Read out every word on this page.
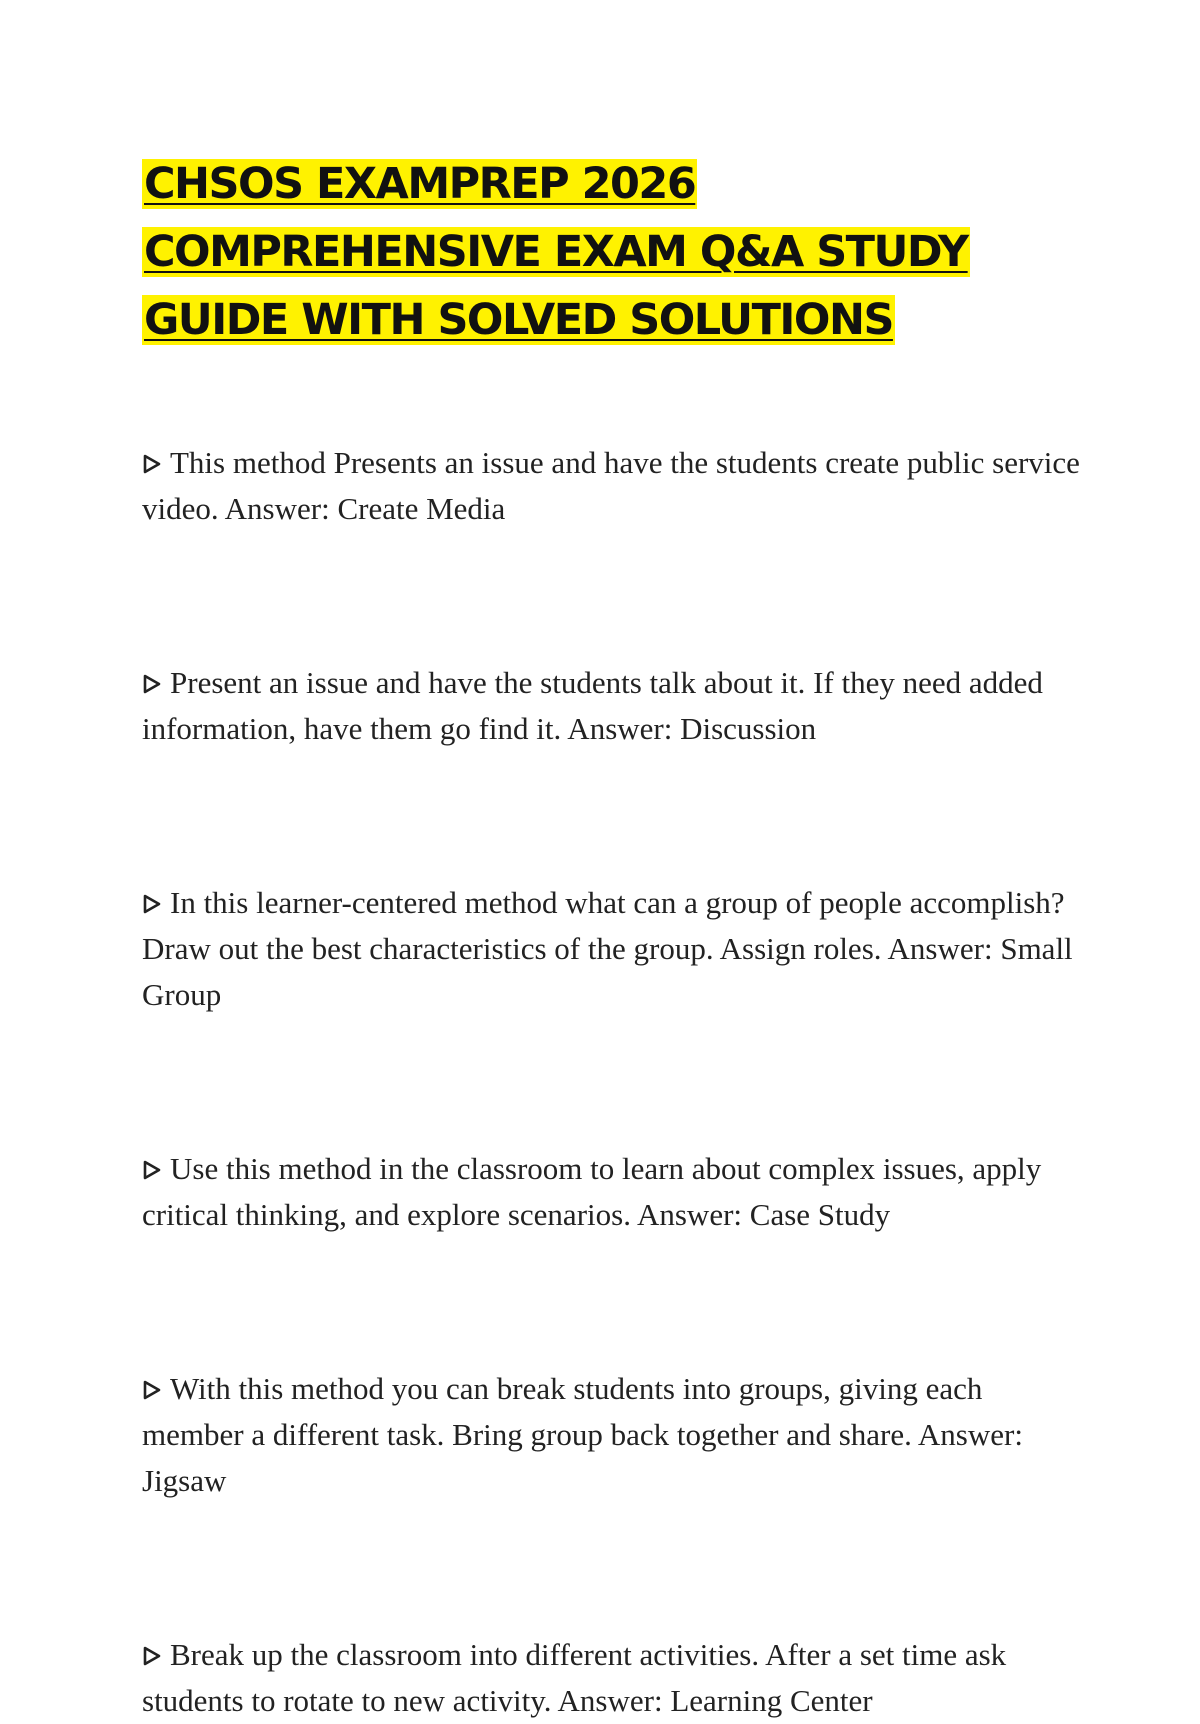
CHSOS EXAMPREP 2026 COMPREHENSIVE EXAM Q&A STUDY GUIDE WITH SOLVED SOLUTIONS

This method Presents an issue and have the students create public service video. Answer: Create Media

Present an issue and have the students talk about it. If they need added information, have them go find it. Answer: Discussion

In this learner-centered method what can a group of people accomplish? Draw out the best characteristics of the group. Assign roles. Answer: Small Group

Use this method in the classroom to learn about complex issues, apply critical thinking, and explore scenarios. Answer: Case Study

With this method you can break students into groups, giving each member a different task. Bring group back together and share. Answer: Jigsaw

Break up the classroom into different activities. After a set time ask students to rotate to new activity. Answer: Learning Center
